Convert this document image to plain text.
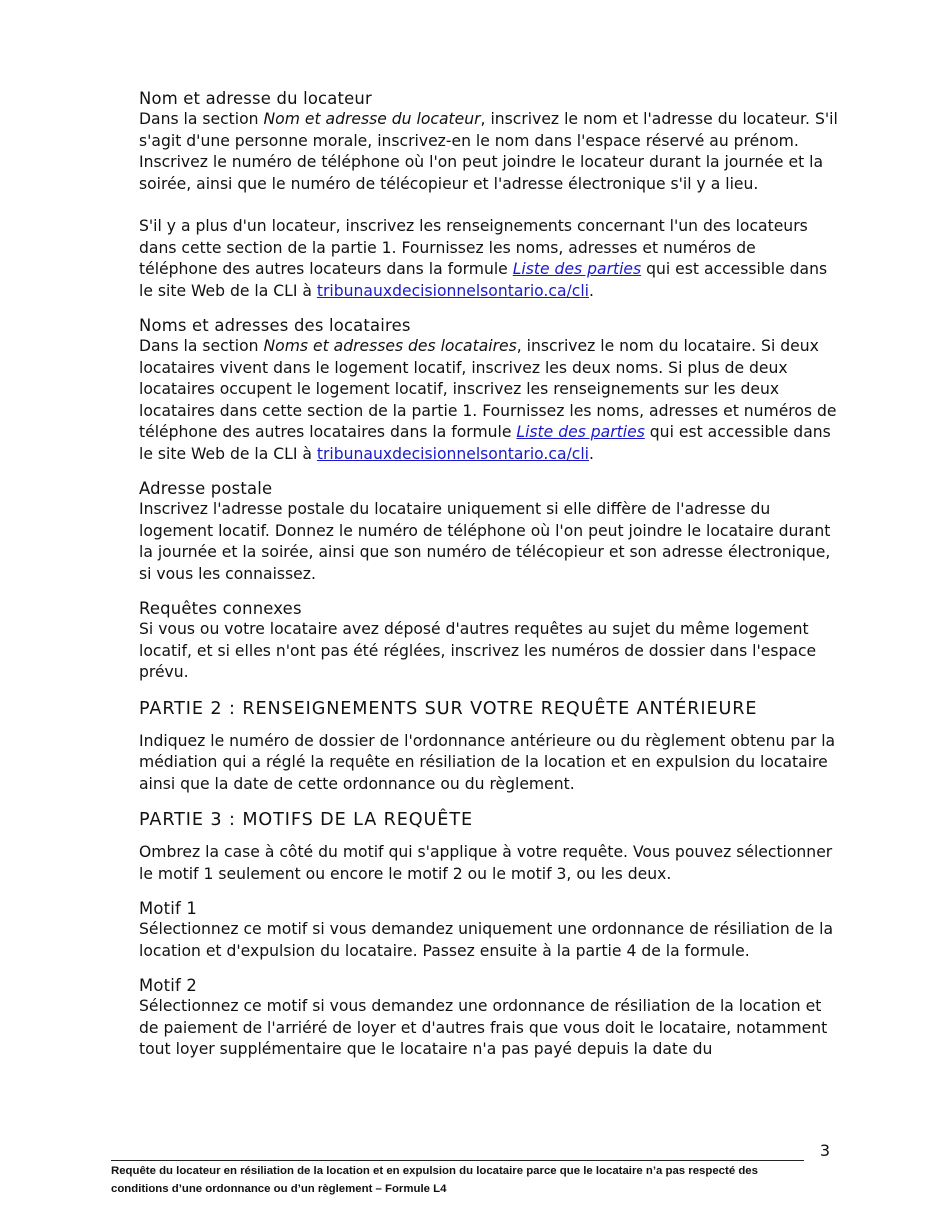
Nom et adresse du locateur

Dans la section Nom et adresse du locateur, inscrivez le nom et l'adresse du locateur. S'il s'agit d'une personne morale, inscrivez-en le nom dans l'espace réservé au prénom. Inscrivez le numéro de téléphone où l'on peut joindre le locateur durant la journée et la soirée, ainsi que le numéro de télécopieur et l'adresse électronique s'il y a lieu.

S'il y a plus d'un locateur, inscrivez les renseignements concernant l'un des locateurs dans cette section de la partie 1. Fournissez les noms, adresses et numéros de téléphone des autres locateurs dans la formule Liste des parties qui est accessible dans le site Web de la CLI à tribunauxdecisionnelsontario.ca/cli.

Noms et adresses des locataires

Dans la section Noms et adresses des locataires, inscrivez le nom du locataire. Si deux locataires vivent dans le logement locatif, inscrivez les deux noms. Si plus de deux locataires occupent le logement locatif, inscrivez les renseignements sur les deux locataires dans cette section de la partie 1. Fournissez les noms, adresses et numéros de téléphone des autres locataires dans la formule Liste des parties qui est accessible dans le site Web de la CLI à tribunauxdecisionnelsontario.ca/cli.

Adresse postale

Inscrivez l'adresse postale du locataire uniquement si elle diffère de l'adresse du logement locatif. Donnez le numéro de téléphone où l'on peut joindre le locataire durant la journée et la soirée, ainsi que son numéro de télécopieur et son adresse électronique, si vous les connaissez.

Requêtes connexes

Si vous ou votre locataire avez déposé d'autres requêtes au sujet du même logement locatif, et si elles n'ont pas été réglées, inscrivez les numéros de dossier dans l'espace prévu.

PARTIE 2 : RENSEIGNEMENTS SUR VOTRE REQUÊTE ANTÉRIEURE

Indiquez le numéro de dossier de l'ordonnance antérieure ou du règlement obtenu par la médiation qui a réglé la requête en résiliation de la location et en expulsion du locataire ainsi que la date de cette ordonnance ou du règlement.

PARTIE 3 : MOTIFS DE LA REQUÊTE

Ombrez la case à côté du motif qui s'applique à votre requête. Vous pouvez sélectionner le motif 1 seulement ou encore le motif 2 ou le motif 3, ou les deux.

Motif 1

Sélectionnez ce motif si vous demandez uniquement une ordonnance de résiliation de la location et d'expulsion du locataire. Passez ensuite à la partie 4 de la formule.

Motif 2

Sélectionnez ce motif si vous demandez une ordonnance de résiliation de la location et de paiement de l'arriéré de loyer et d'autres frais que vous doit le locataire, notamment tout loyer supplémentaire que le locataire n'a pas payé depuis la date du

3
Requête du locateur en résiliation de la location et en expulsion du locataire parce que le locataire n’a pas respecté des conditions d’une ordonnance ou d’un règlement – Formule L4
